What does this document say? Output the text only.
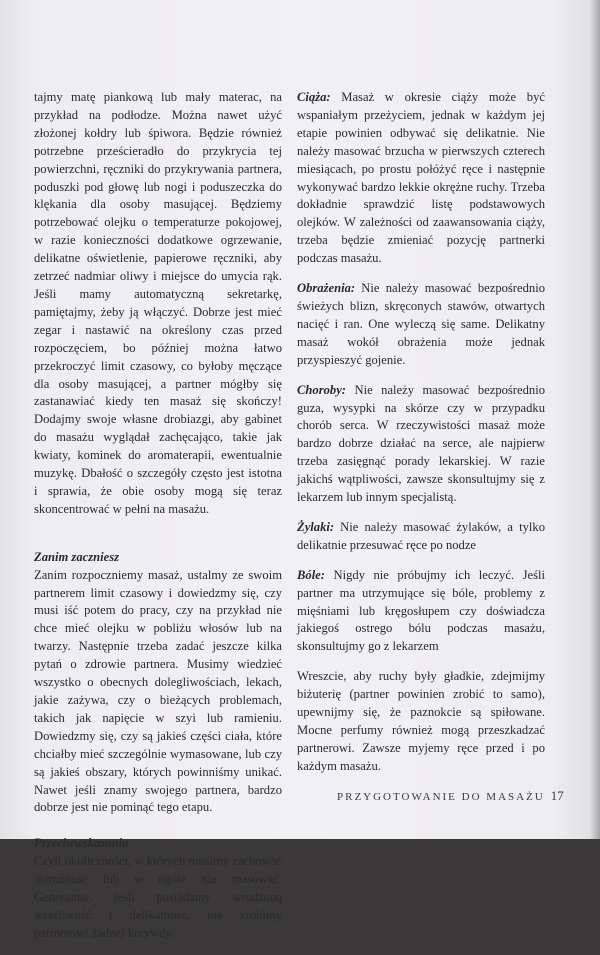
tajmy matę piankową lub mały materac, na przykład na podłodze. Można nawet użyć złożonej kołdry lub śpiwora. Będzie również potrzebne prześcieradło do przykrycia tej powierzchni, ręczniki do przykrywania partnera, poduszki pod głowę lub nogi i poduszeczka do klękania dla osoby masującej. Będziemy potrzebować olejku o temperaturze pokojowej, w razie konieczności dodatkowe ogrzewanie, delikatne oświetlenie, papierowe ręczniki, aby zetrzeć nadmiar oliwy i miejsce do umycia rąk. Jeśli mamy automatyczną sekretarkę, pamiętajmy, żeby ją włączyć. Dobrze jest mieć zegar i nastawić na określony czas przed rozpoczęciem, bo później można łatwo przekroczyć limit czasowy, co byłoby męczące dla osoby masującej, a partner mógłby się zastanawiać kiedy ten masaż się skończy! Dodajmy swoje własne drobiazgi, aby gabinet do masażu wyglądał zachęcająco, takie jak kwiaty, kominek do aromaterapii, ewentualnie muzykę. Dbałość o szczegóły często jest istotna i sprawia, że obie osoby mogą się teraz skoncentrować w pełni na masażu.

Zanim zaczniesz

Zanim rozpoczniemy masaż, ustalmy ze swoim partnerem limit czasowy i dowiedzmy się, czy musi iść potem do pracy, czy na przykład nie chce mieć olejku w pobliżu włosów lub na twarzy. Następnie trzeba zadać jeszcze kilka pytań o zdrowie partnera. Musimy wiedzieć wszystko o obecnych dolegliwościach, lekach, jakie zażywa, czy o bieżących problemach, takich jak napięcie w szyi lub ramieniu. Dowiedzmy się, czy są jakieś części ciała, które chciałby mieć szczególnie wymasowane, lub czy są jakieś obszary, których powinniśmy unikać. Nawet jeśli znamy swojego partnera, bardzo dobrze jest nie pominąć tego etapu.

Przeciwwskazania

Czyli okoliczności, w których musimy zachować ostrożność lub w ogóle nie masować. Generalnie, jeśli posiadamy wrodzoną wrażliwość i delikatność, nie zrobimy partnerowi żadnej krzywdy.

Ciąża: Masaż w okresie ciąży może być wspaniałym przeżyciem, jednak w każdym jej etapie powinien odbywać się delikatnie. Nie należy masować brzucha w pierwszych czterech miesiącach, po prostu połóżyć ręce i następnie wykonywać bardzo lekkie okrężne ruchy. Trzeba dokładnie sprawdzić listę podstawowych olejków. W zależności od zaawansowania ciąży, trzeba będzie zmieniać pozycję partnerki podczas masażu.

Obrażenia: Nie należy masować bezpośrednio świeżych blizn, skręconych stawów, otwartych nacięć i ran. One wyleczą się same. Delikatny masaż wokół obrażenia może jednak przyspieszyć gojenie.

Choroby: Nie należy masować bezpośrednio guza, wysypki na skórze czy w przypadku chorób serca. W rzeczywistości masaż może bardzo dobrze działać na serce, ale najpierw trzeba zasięgnąć porady lekarskiej. W razie jakichś wątpliwości, zawsze skonsultujmy się z lekarzem lub innym specjalistą.

Żylaki: Nie należy masować żylaków, a tylko delikatnie przesuwać ręce po nodze

Bóle: Nigdy nie próbujmy ich leczyć. Jeśli partner ma utrzymujące się bóle, problemy z mięśniami lub kręgosłupem czy doświadcza jakiegoś ostrego bólu podczas masażu, skonsultujmy go z lekarzem

Wreszcie, aby ruchy były gładkie, zdejmijmy biżuterię (partner powinien zrobić to samo), upewnijmy się, że paznokcie są spiłowane. Mocne perfumy również mogą przeszkadzać partnerowi. Zawsze myjemy ręce przed i po każdym masażu.

PRZYGOTOWANIE DO MASAŻU 17
